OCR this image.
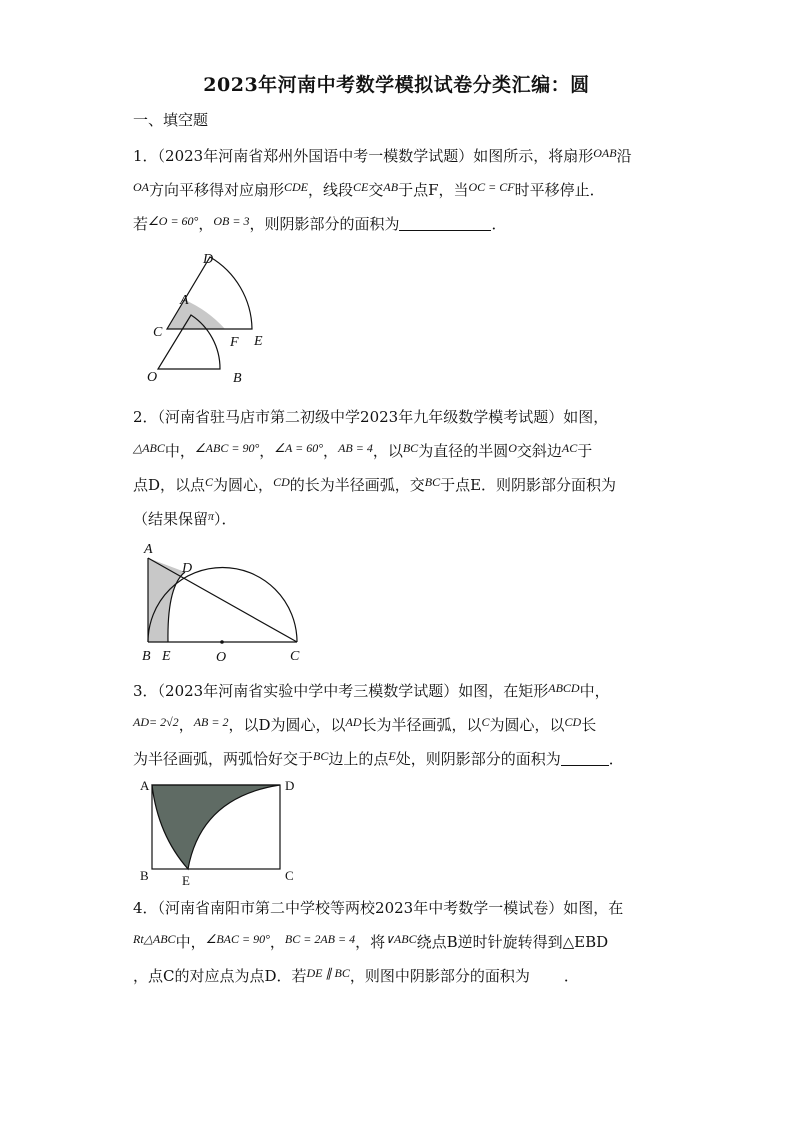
2023年河南中考数学模拟试卷分类汇编：圆
一、填空题

1．（2023年河南省郑州外国语中考一模数学试题）如图所示，将扇形$^{OAB}$沿

$^{OA}$方向平移得对应扇形$^{CDE}$，线段$^{CE}$交$^{AB}$于点F，当$^{OC = CF}$时平移停止．

若$^{\angle O = 60^\circ}$，$^{OB = 3}$，则阴影部分的面积为	．

D
A
C
F E
O	B

2．（河南省驻马店市第二初级中学2023年九年级数学模考试题）如图，

$^{\triangle ABC}$中，$^{\angle ABC = 90^\circ}$，$^{\angle A = 60^\circ}$，$^{AB = 4}$，以$^{BC}$为直径的半圆$^O$交斜边$^{AC}$于

点D，以点$^C$为圆心，$^{CD}$的长为半径画弧，交$^{BC}$于点E．则阴影部分面积为

（结果保留$^\pi$）．

A
D
B E	O	C

3．（2023年河南省实验中学中考三模数学试题）如图，在矩形$^{ABCD}$中，

$^{AD= 2√2}$，$^{AB = 2}$，以D为圆心，以$^{AD}$长为半径画弧，以$^C$为圆心，以$^{CD}$长

为半径画弧，两弧恰好交于$^{BC}$边上的点$^E$处，则阴影部分的面积为	．

A	D
B	E	C

4．（河南省南阳市第二中学校等两校2023年中考数学一模试卷）如图，在

$^{Rt\triangle ABC}$中，$^{\angle BAC = 90^\circ}$，$^{BC = 2AB = 4}$，将$^{\vee ABC}$绕点B逆时针旋转得到△EBD

，点C的对应点为点D．若$^{DE \parallel BC}$，则图中阴影部分的面积为 ．
